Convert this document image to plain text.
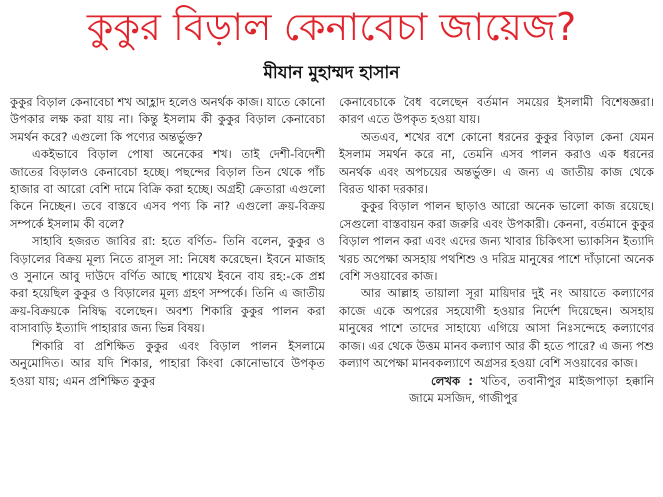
কুকুর বিড়াল কেনাবেচা জায়েজ?
মীযান মুহাম্মদ হাসান

কুকুর বিড়াল কেনাবেচা শখ আহ্লাদ হলেও অনর্থক কাজ। যাতে কোনো উপকার লক্ষ করা যায় না। কিন্তু ইসলাম কী কুকুর বিড়াল কেনাবেচা সমর্থন করে? এগুলো কি পণ্যের অন্তর্ভুক্ত?

একইভাবে বিড়াল পোষা অনেকের শখ। তাই দেশী-বিদেশী জাতের বিড়ালও কেনাবেচা হচ্ছে। পছন্দের বিড়াল তিন থেকে পাঁচ হাজার বা আরো বেশি দামে বিক্রি করা হচ্ছে। অগ্রহী ক্রেতারা এগুলো কিনে নিচ্ছেন। তবে বাস্তবে এসব পণ্য কি না? এগুলো ক্রয়-বিক্রয় সম্পর্কে ইসলাম কী বলে?

সাহাবি হজরত জাবির রা: হতে বর্ণিত- তিনি বলেন, কুকুর ও বিড়ালের বিক্রয় মূল্য নিতে রাসূল সা: নিষেধ করেছেন। ইবনে মাজাহ ও সুনানে আবু দাউদে বর্ণিত আছে শায়েখ ইবনে বায রহ:-কে প্রশ্ন করা হয়েছিল কুকুর ও বিড়ালের মূল্য গ্রহণ সম্পর্কে। তিনি এ জাতীয় ক্রয়-বিক্রয়কে নিষিদ্ধ বলেছেন। অবশ্য শিকারি কুকুর পালন করা বাসাবাড়ি ইত্যাদি পাহারার জন্য ভিন্ন বিষয়।

শিকারি বা প্রশিক্ষিত কুকুর এবং বিড়াল পালন ইসলামে অনুমোদিত। আর যদি শিকার, পাহারা কিংবা কোনোভাবে উপকৃত হওয়া যায়; এমন প্রশিক্ষিত কুকুর

কেনাবেচাকে বৈধ বলেছেন বর্তমান সময়ের ইসলামী বিশেষজ্ঞরা। কারণ এতে উপকৃত হওয়া যায়।

অতএব, শখের বশে কোনো ধরনের কুকুর বিড়াল কেনা যেমন ইসলাম সমর্থন করে না, তেমনি এসব পালন করাও এক ধরনের অনর্থক এবং অপচয়ের অন্তর্ভুক্ত। এ জন্য এ জাতীয় কাজ থেকে বিরত থাকা দরকার।

কুকুর বিড়াল পালন ছাড়াও আরো অনেক ভালো কাজ রয়েছে। সেগুলো বাস্তবায়ন করা জরুরি এবং উপকারী। কেননা, বর্তমানে কুকুর বিড়াল পালন করা এবং এদের জন্য খাবার চিকিৎসা ভ্যাকসিন ইত্যাদি খরচ অপেক্ষা অসহায় পথশিশু ও দরিদ্র মানুষের পাশে দাঁড়ানো অনেক বেশি সওয়াবের কাজ।

আর আল্লাহ তায়ালা সূরা মায়িদার দুই নং আয়াতে কল্যাণের কাজে একে অপরের সহযোগী হওয়ার নির্দেশ দিয়েছেন। অসহায় মানুষের পাশে তাদের সাহায্যে এগিয়ে আসা নিঃসন্দেহে কল্যাণের কাজ। এর থেকে উত্তম মানব কল্যাণ আর কী হতে পারে? এ জন্য পশু কল্যাণ অপেক্ষা মানবকল্যাণে অগ্রসর হওয়া বেশি সওয়াবের কাজ।

লেখক : খতিব, তবানীপুর মাইজপাড়া হক্কানি জামে মসজিদ, গাজীপুর
